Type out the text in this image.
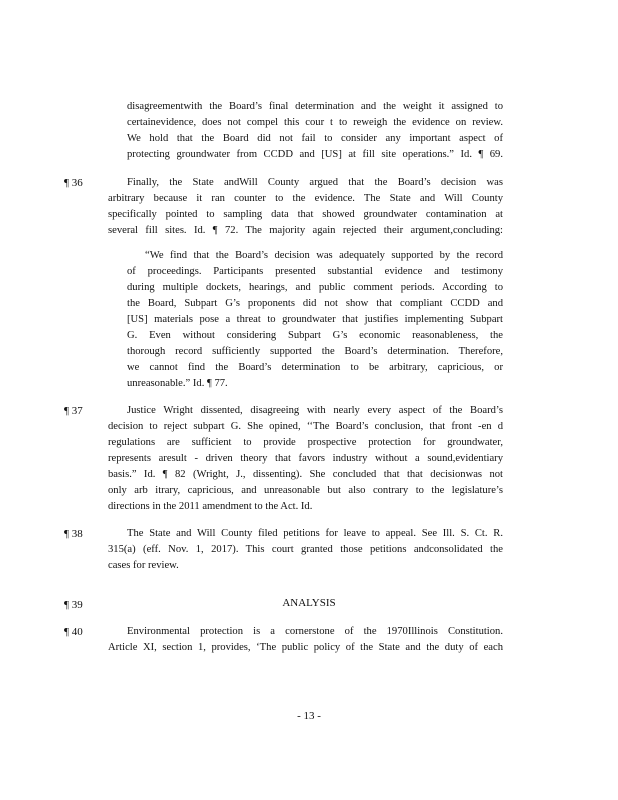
disagreementwith the Board’s final determination and the weight it assigned to
certainevidence, does not compel this cour t to reweigh the evidence on review.
We hold that the Board did not fail to consider any important aspect of
protecting groundwater from CCDD and [US] at fill site operations.” Id. ¶ 69.
¶ 36	Finally, the State andWill County argued that the Board’s decision was
arbitrary because it ran counter to the evidence. The State and Will County
specifically pointed to sampling data that showed groundwater contamination at
several fill sites. Id. ¶ 72. The majority again rejected their argument,concluding:
“We find that the Board’s decision was adequately supported by the record
of proceedings. Participants presented substantial evidence and testimony
during multiple dockets, hearings, and public comment periods. According to
the Board, Subpart G’s proponents did not show that compliant CCDD and
[US] materials pose a threat to groundwater that justifies implementing Subpart
G. Even without considering Subpart G’s economic reasonableness, the
thorough record sufficiently supported the Board’s determination. Therefore,
we cannot find the Board’s determination to be arbitrary, capricious, or
unreasonable.” Id. ¶ 77.
¶ 37	Justice Wright dissented, disagreeing with nearly every aspect of the Board’s
decision to reject subpart G. She opined, ‘‘The Board’s conclusion, that front -en d
regulations are sufficient to provide prospective protection for groundwater,
represents aresult - driven theory that favors industry without a sound,evidentiary
basis.” Id. ¶ 82 (Wright, J., dissenting). She concluded that that decisionwas not
only arb itrary, capricious, and unreasonable but also contrary to the legislature’s
directions in the 2011 amendment to the Act. Id.
¶ 38	The State and Will County filed petitions for leave to appeal. See Ill. S. Ct. R.
315(a) (eff. Nov. 1, 2017). This court granted those petitions andconsolidated the
cases for review.
¶ 39	ANALYSIS
¶ 40	Environmental protection is a cornerstone of the 1970Illinois Constitution.
Article XI, section 1, provides, ‘The public policy of the State and the duty of each
- 13 -
